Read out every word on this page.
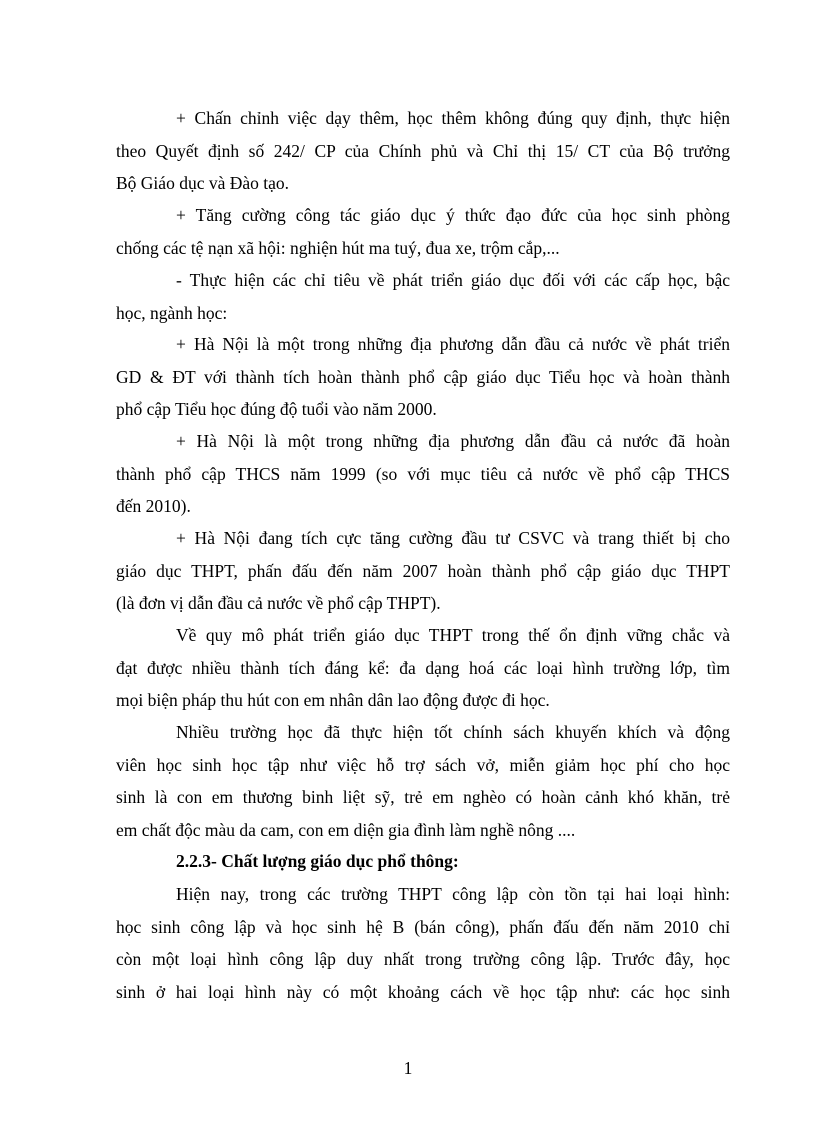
+ Chấn chỉnh việc dạy thêm, học thêm không đúng quy định, thực hiện
theo Quyết định số 242/ CP của Chính phủ và Chỉ thị 15/ CT của Bộ trưởng
Bộ Giáo dục và Đào tạo.
+ Tăng cường công tác giáo dục ý thức đạo đức của học sinh phòng
chống các tệ nạn xã hội: nghiện hút ma tuý, đua xe, trộm cắp,...
- Thực hiện các chỉ tiêu về phát triển giáo dục đối với các cấp học, bậc
học, ngành học:
+ Hà Nội là một trong những địa phương dẫn đầu cả nước về phát triển
GD & ĐT với thành tích hoàn thành phổ cập giáo dục Tiểu học và hoàn thành
phổ cập Tiểu học đúng độ tuổi vào năm 2000.
+ Hà Nội là một trong những địa phương dẫn đầu cả nước đã hoàn
thành phổ cập THCS năm 1999 (so với mục tiêu cả nước về phổ cập THCS
đến 2010).
+ Hà Nội đang tích cực tăng cường đầu tư CSVC và trang thiết bị cho
giáo dục THPT, phấn đấu đến năm 2007 hoàn thành phổ cập giáo dục THPT
(là đơn vị dẫn đầu cả nước về phổ cập THPT).
Về quy mô phát triển giáo dục THPT trong thế ổn định vững chắc và
đạt được nhiều thành tích đáng kể: đa dạng hoá các loại hình trường lớp, tìm
mọi biện pháp thu hút con em nhân dân lao động được đi học.
Nhiều trường học đã thực hiện tốt chính sách khuyến khích và động
viên học sinh học tập như việc hỗ trợ sách vở, miễn giảm học phí cho học
sinh là con em thương binh liệt sỹ, trẻ em nghèo có hoàn cảnh khó khăn, trẻ
em chất độc màu da cam, con em diện gia đình làm nghề nông ....
2.2.3- Chất lượng giáo dục phổ thông:
Hiện nay, trong các trường THPT công lập còn tồn tại hai loại hình:
học sinh công lập và học sinh hệ B (bán công), phấn đấu đến năm 2010 chỉ
còn một loại hình công lập duy nhất trong trường công lập. Trước đây, học
sinh ở hai loại hình này có một khoảng cách về học tập như: các học sinh
1
